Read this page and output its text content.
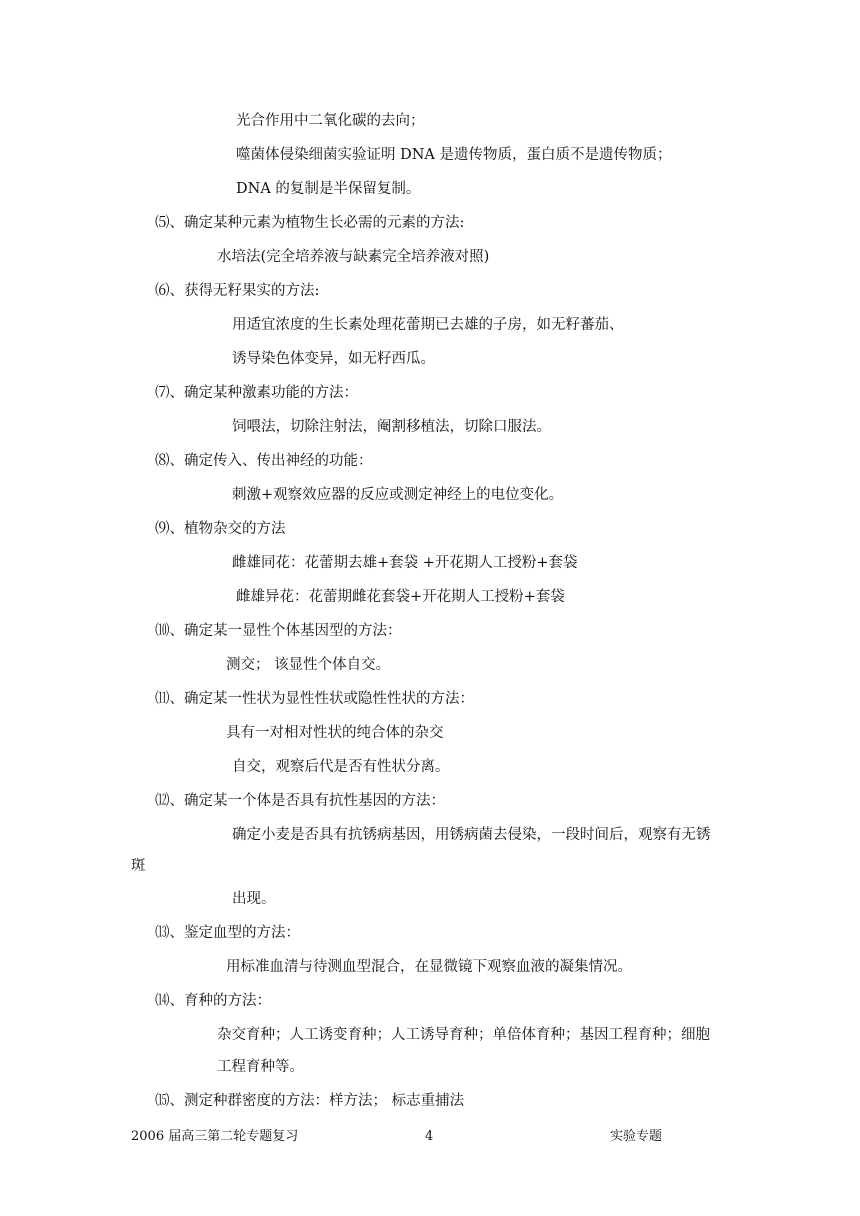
光合作用中二氧化碳的去向；
噬菌体侵染细菌实验证明 DNA 是遗传物质，蛋白质不是遗传物质；
DNA 的复制是半保留复制。
⑸、确定某种元素为植物生长必需的元素的方法:
水培法(完全培养液与缺素完全培养液对照)
⑹、获得无籽果实的方法:
用适宜浓度的生长素处理花蕾期已去雄的子房，如无籽蕃茄、
诱导染色体变异，如无籽西瓜。
⑺、确定某种激素功能的方法：
饲喂法，切除注射法，阉割移植法，切除口服法。
⑻、确定传入、传出神经的功能：
刺激+观察效应器的反应或测定神经上的电位变化。
⑼、植物杂交的方法
雌雄同花：花蕾期去雄+套袋 +开花期人工授粉+套袋
雌雄异花：花蕾期雌花套袋+开花期人工授粉+套袋
⑽、确定某一显性个体基因型的方法：
测交； 该显性个体自交。
⑾、确定某一性状为显性性状或隐性性状的方法：
具有一对相对性状的纯合体的杂交
自交，观察后代是否有性状分离。
⑿、确定某一个体是否具有抗性基因的方法：
确定小麦是否具有抗锈病基因，用锈病菌去侵染，一段时间后，观察有无锈
斑
出现。
⒀、鉴定血型的方法：
用标准血清与待测血型混合，在显微镜下观察血液的凝集情况。
⒁、育种的方法：
杂交育种；人工诱变育种；人工诱导育种；单倍体育种；基因工程育种；细胞
工程育种等。
⒂、测定种群密度的方法：样方法； 标志重捕法
2006 届高三第二轮专题复习	4	实验专题
